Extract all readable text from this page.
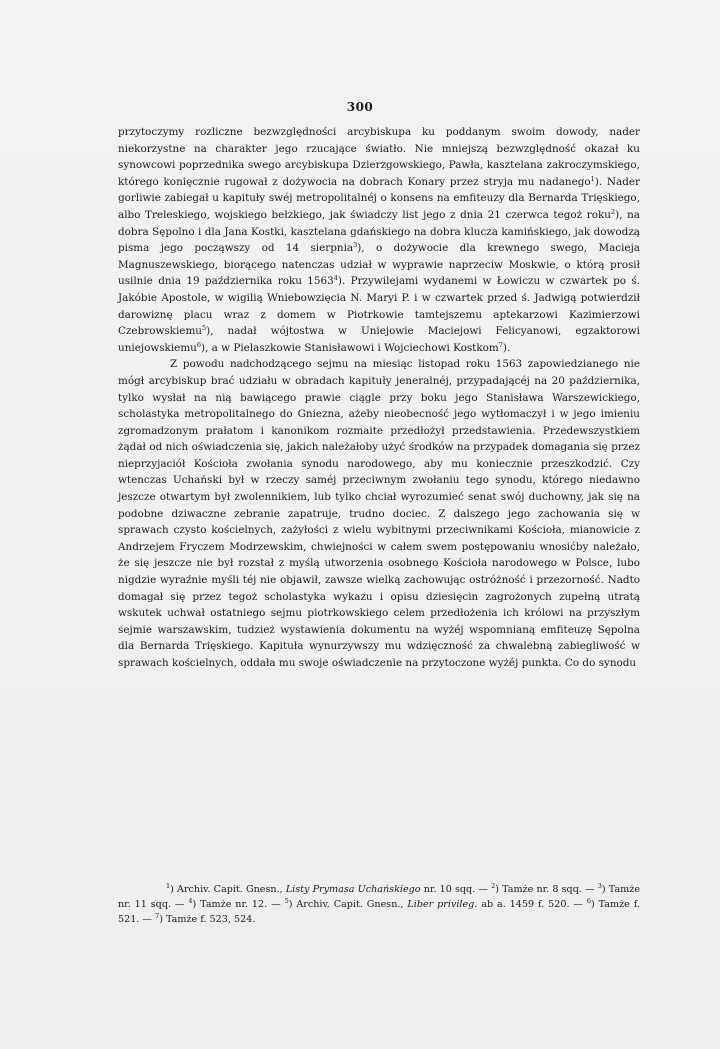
300

przytoczymy rozliczne bezwzględności arcybiskupa ku poddanym swoim dowody, nader niekorzystne na charakter jego rzucające światło. Nie mniejszą bezwzględność okazał ku synowcowi poprzednika swego arcybiskupa Dzierzgowskiego, Pawła, kasztelana zakroczymskiego, którego konięcznie rugował z dożywocia na dobrach Konary przez stryja mu nadanego$^1$). Nader gorliwie zabiegał u kapituły swéj metropolitalnéj o konsens na emfiteuzy dla Bernarda Trięskiego, albo Treleskiego, wojskiego bełzkiego, jak świadczy list jego z dnia 21 czerwca tegoż roku$^2$), na dobra Sępolno i dla Jana Kostki, kasztelana gdańskiego na dobra klucza kamińskiego, jak dowodzą pisma jego począwszy od 14 sierpnia$^3$), o dożywocie dla krewnego swego, Macieja Magnuszewskiego, biorącego natenczas udział w wyprawie naprzeciw Moskwie, o którą prosił usilnie dnia 19 października roku 1563$^4$). Przywilejami wydanemi w Łowiczu w czwartek po ś. Jakóbie Apostole, w wigilią Wniebowzięcia N. Maryi P. i w czwartek przed ś. Jadwigą potwierdził darowiznę placu wraz z domem w Piotrkowie tamtejszemu aptekarzowi Kazimierzowi Czebrowskiemu$^5$), nadał wójtostwa w Uniejowie Maciejowi Felicyanowi, egzaktorowi uniejowskiemu$^6$), a w Pielaszkowie Stanisławowi i Wojciechowi Kostkom$^7$).

Z powodu nadchodzącego sejmu na miesiąc listopad roku 1563 zapowiedzianego nie mógł arcybiskup brać udziału w obradach kapituły jeneralnéj, przypadającéj na 20 października, tylko wysłał na nią bawiącego prawie ciągle przy boku jego Stanisława Warszewickiego, scholastyka metropolitalnego do Gniezna, ażeby nieobecność jego wytłomaczył i w jego imieniu zgromadzonym prałatom i kanonikom rozmaite przedłożył przedstawienia. Przedewszystkiem żądał od nich oświadczenia się, jakich należałoby użyć środków na przypadek domagania się przez nieprzyjaciół Kościoła zwołania synodu narodowego, aby mu koniecznie przeszkodzić. Czy wtenczas Uchański był w rzeczy saméj przeciwnym zwołaniu tego synodu, którego niedawno jeszcze otwartym był zwolennikiem, lub tylko chciał wyrozumieć senat swój duchowny, jak się na podobne dziwaczne zebranie zapatruje, trudno dociec. Z dalszego jego zachowania się w sprawach czysto kościelnych, zażyłości z wielu wybitnymi przeciwnikami Kościoła, mianowicie z Andrzejem Fryczem Modrzewskim, chwiejności w całem swem postępowaniu wnosićby należało, że się jeszcze nie był rozstał z myślą utworzenia osobnego Kościoła narodowego w Polsce, lubo nigdzie wyraźnie myśli téj nie objawił, zawsze wielką zachowując ostróżność i przezorność. Nadto domagał się przez tegoż scholastyka wykazu i opisu dziesięcin zagrożonych zupełną utratą wskutek uchwał ostatniego sejmu piotrkowskiego celem przedłożenia ich królowi na przyszłym sejmie warszawskim, tudzież wystawienia dokumentu na wyżéj wspomnianą emfiteuzę Sępolna dla Bernarda Trięskiego. Kapituła wynurzywszy mu wdzięczność za chwalebną zabiegliwość w sprawach kościelnych, oddała mu swoje oświadczenie na przytoczone wyżéj punkta. Co do synodu

$^1$) Archiv. Capit. Gnesn., Listy Prymasa Uchańskiego nr. 10 sqq. — $^2$) Tamże nr. 8 sqq. — $^3$) Tamże nr. 11 sqq. — $^4$) Tamże nr. 12. — $^5$) Archiv. Capit. Gnesn., Liber privileg. ab a. 1459 f. 520. — $^6$) Tamże f. 521. — $^7$) Tamże f. 523, 524.
